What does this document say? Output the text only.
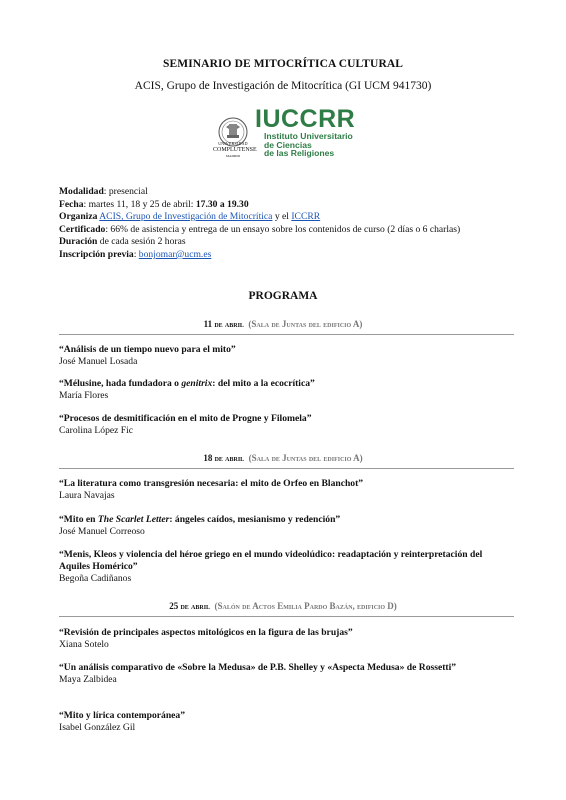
SEMINARIO DE MITOCRÍTICA CULTURAL
ACIS, Grupo de Investigación de Mitocrítica (GI UCM 941730)
UNIVERSIDAD
COMPLUTENSE
MADRID
IUCCRR
Instituto Universitario
de Ciencias
de las Religiones

Modalidad: presencial

Fecha: martes 11, 18 y 25 de abril: 17.30 a 19.30

Organiza ACIS, Grupo de Investigación de Mitocrítica y el ICCRR

Certificado: 66% de asistencia y entrega de un ensayo sobre los contenidos de curso (2 días o 6 charlas)

Duración de cada sesión 2 horas

Inscripción previa: bonjomar@ucm.es

PROGRAMA
11 de abril (Sala de Juntas del edificio A)

“Análisis de un tiempo nuevo para el mito”

José Manuel Losada

“Mélusine, hada fundadora o genitrix: del mito a la ecocrítica”

María Flores

“Procesos de desmitificación en el mito de Progne y Filomela”

Carolina López Fic

18 de abril (Sala de Juntas del edificio A)

“La literatura como transgresión necesaria: el mito de Orfeo en Blanchot”

Laura Navajas

“Mito en The Scarlet Letter: ángeles caídos, mesianismo y redención”

José Manuel Correoso

“Menis, Kleos y violencia del héroe griego en el mundo videolúdico: readaptación y reinterpretación del Aquiles Homérico”

Begoña Cadiñanos

25 de abril (Salón de Actos Emilia Pardo Bazán, edificio D)

“Revisión de principales aspectos mitológicos en la figura de las brujas”

Xiana Sotelo

“Un análisis comparativo de «Sobre la Medusa» de P.B. Shelley y «Aspecta Medusa» de Rossetti”

Maya Zalbidea

“Mito y lírica contemporánea”

Isabel González Gil
